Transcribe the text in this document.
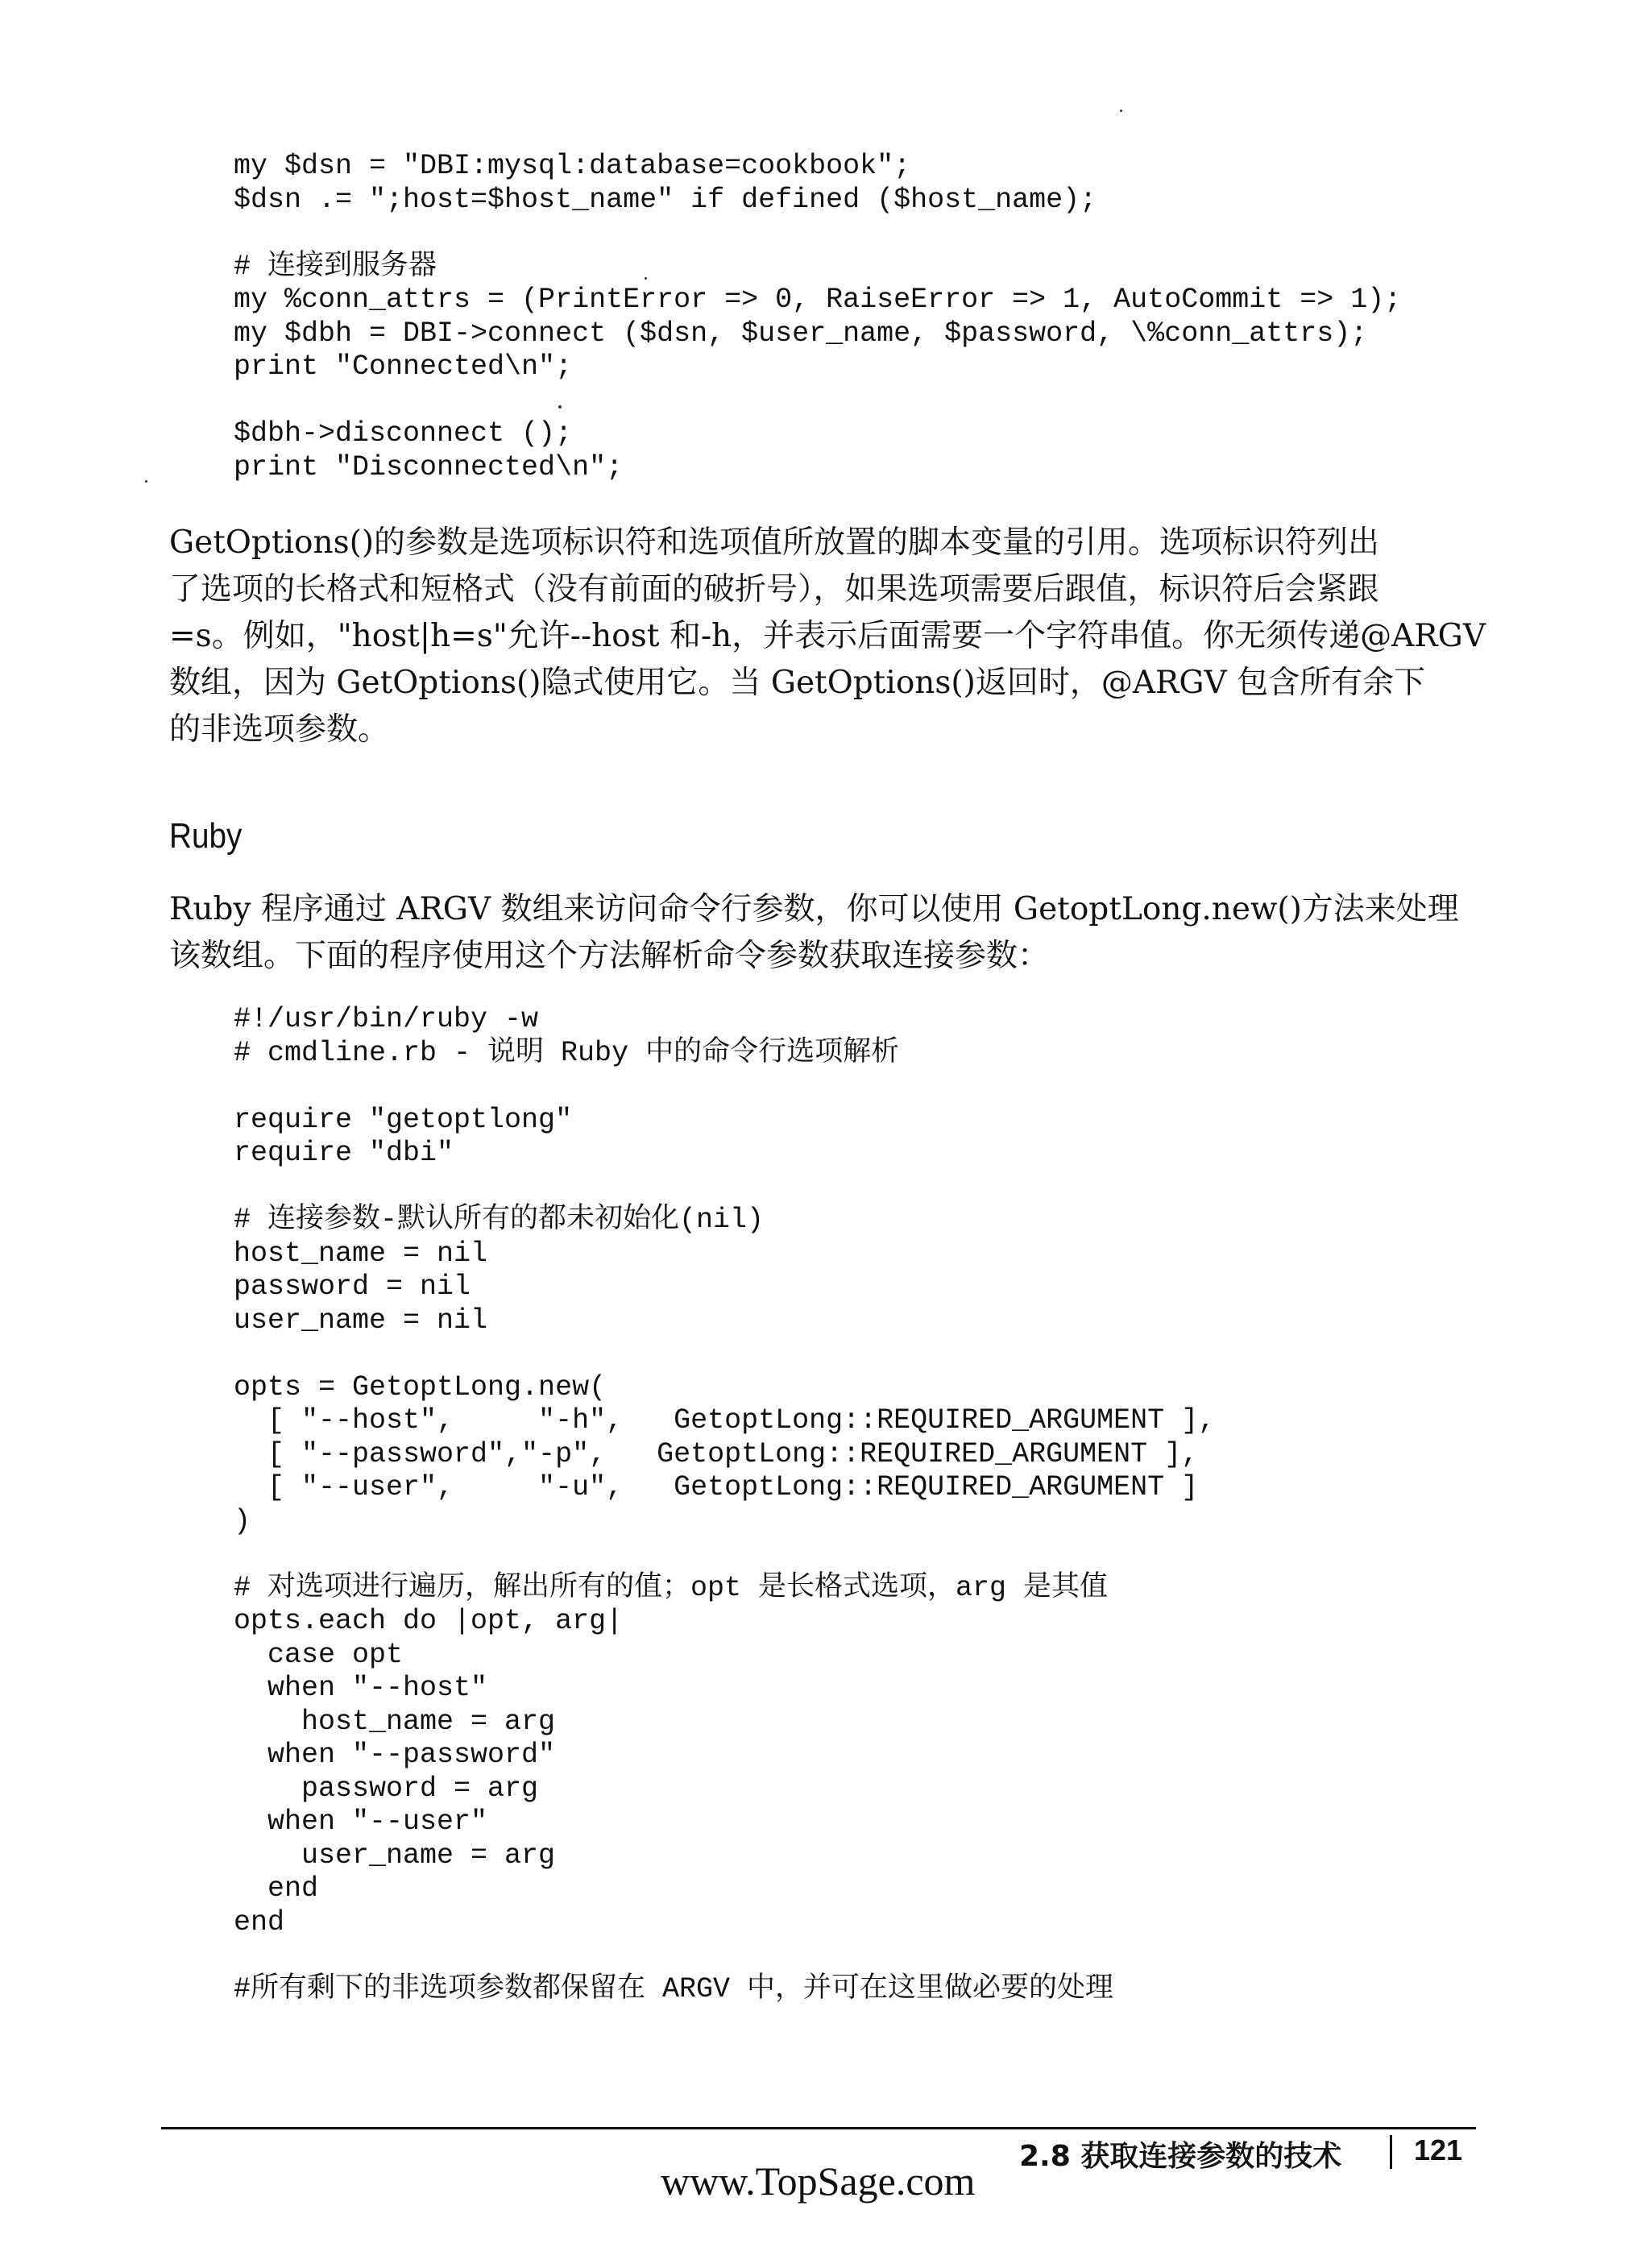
my $dsn = "DBI:mysql:database=cookbook";
$dsn .= ";host=$host_name" if defined ($host_name);

# 连接到服务器
my %conn_attrs = (PrintError => 0, RaiseError => 1, AutoCommit => 1);
my $dbh = DBI->connect ($dsn, $user_name, $password, \%conn_attrs);
print "Connected\n";

$dbh->disconnect ();
print "Disconnected\n";
GetOptions()的参数是选项标识符和选项值所放置的脚本变量的引用。选项标识符列出
了选项的长格式和短格式（没有前面的破折号），如果选项需要后跟值，标识符后会紧跟
=s。例如，"host|h=s"允许--host 和-h，并表示后面需要一个字符串值。你无须传递@ARGV
数组，因为 GetOptions()隐式使用它。当 GetOptions()返回时，@ARGV 包含所有余下
的非选项参数。
Ruby
Ruby 程序通过 ARGV 数组来访问命令行参数，你可以使用 GetoptLong.new()方法来处理
该数组。下面的程序使用这个方法解析命令参数获取连接参数：
#!/usr/bin/ruby -w
# cmdline.rb - 说明 Ruby 中的命令行选项解析

require "getoptlong"
require "dbi"

# 连接参数-默认所有的都未初始化(nil)
host_name = nil
password = nil
user_name = nil

opts = GetoptLong.new(
[ "--host",     "-h",   GetoptLong::REQUIRED_ARGUMENT ],
[ "--password","-p",   GetoptLong::REQUIRED_ARGUMENT ],
[ "--user",     "-u",   GetoptLong::REQUIRED_ARGUMENT ]
)

# 对选项进行遍历，解出所有的值；opt 是长格式选项，arg 是其值
opts.each do |opt, arg|
case opt
when "--host"
host_name = arg
when "--password"
password = arg
when "--user"
user_name = arg
end
end

#所有剩下的非选项参数都保留在 ARGV 中，并可在这里做必要的处理
2.8 获取连接参数的技术 121
www.TopSage.com
